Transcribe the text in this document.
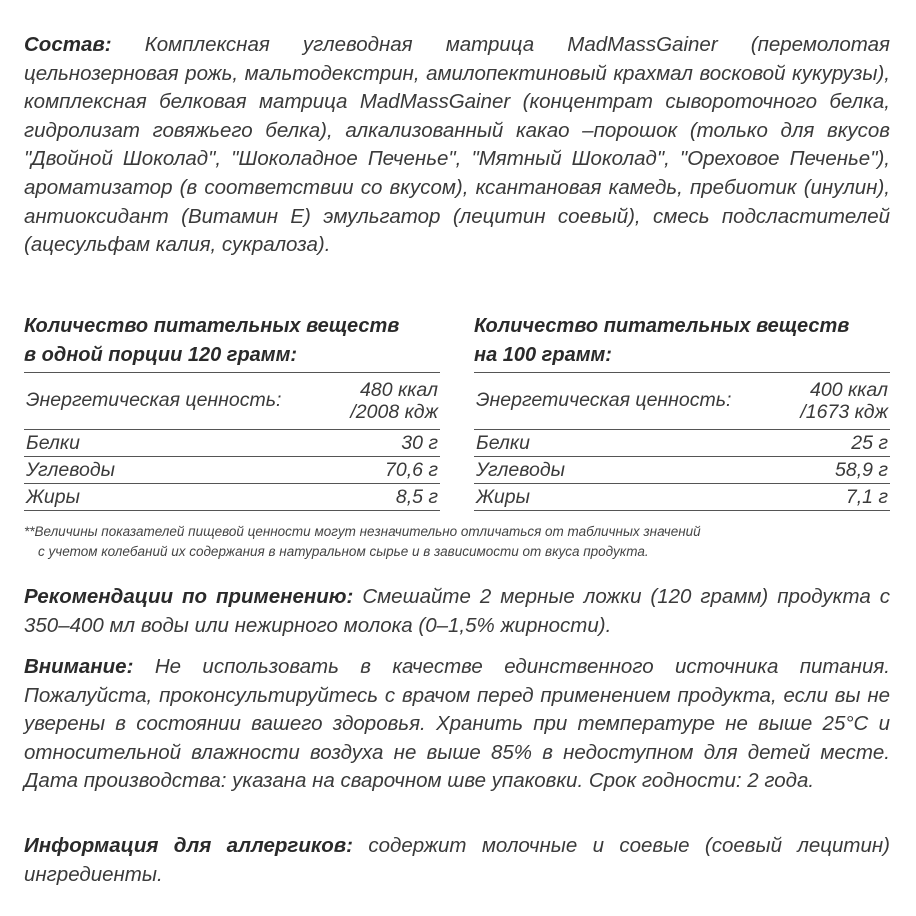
Состав: Комплексная углеводная матрица MadMassGainer (перемолотая цельнозерновая рожь, мальтодекстрин, амилопектиновый крахмал восковой кукурузы), комплексная белковая матрица MadMassGainer (концентрат сывороточного белка, гидролизат говяжьего белка), алкализованный какао –порошок (только для вкусов "Двойной Шоколад", "Шоколадное Печенье", "Мятный Шоколад", "Ореховое Печенье"), ароматизатор (в соответствии со вкусом), ксантановая камедь, пребиотик (инулин), антиоксидант (Витамин Е) эмульгатор (лецитин соевый), смесь подсластителей (ацесульфам калия, сукралоза).
Количество питательных веществ
в одной порции 120 грамм:
Энергетическая ценность:	480 ккал
/2008 кдж
Белки	30 г
Углеводы	70,6 г
Жиры	8,5 г
Количество питательных веществ
на 100 грамм:
Энергетическая ценность:	400 ккал
/1673 кдж
Белки	25 г
Углеводы	58,9 г
Жиры	7,1 г
**Величины показателей пищевой ценности могут незначительно отличаться от табличных значений
с учетом колебаний их содержания в натуральном сырье и в зависимости от вкуса продукта.
Рекомендации по применению: Смешайте 2 мерные ложки (120 грамм) продукта с 350–400 мл воды или нежирного молока (0–1,5% жирности).
Внимание: Не использовать в качестве единственного источника питания. Пожалуйста, проконсультируйтесь с врачом перед применением продукта, если вы не уверены в состоянии вашего здоровья. Хранить при температуре не выше 25°С и относительной влажности воздуха не выше 85% в недоступном для детей месте. Дата производства: указана на сварочном шве упаковки. Срок годности: 2 года.
Информация для аллергиков: содержит молочные и соевые (соевый лецитин) ингредиенты.
